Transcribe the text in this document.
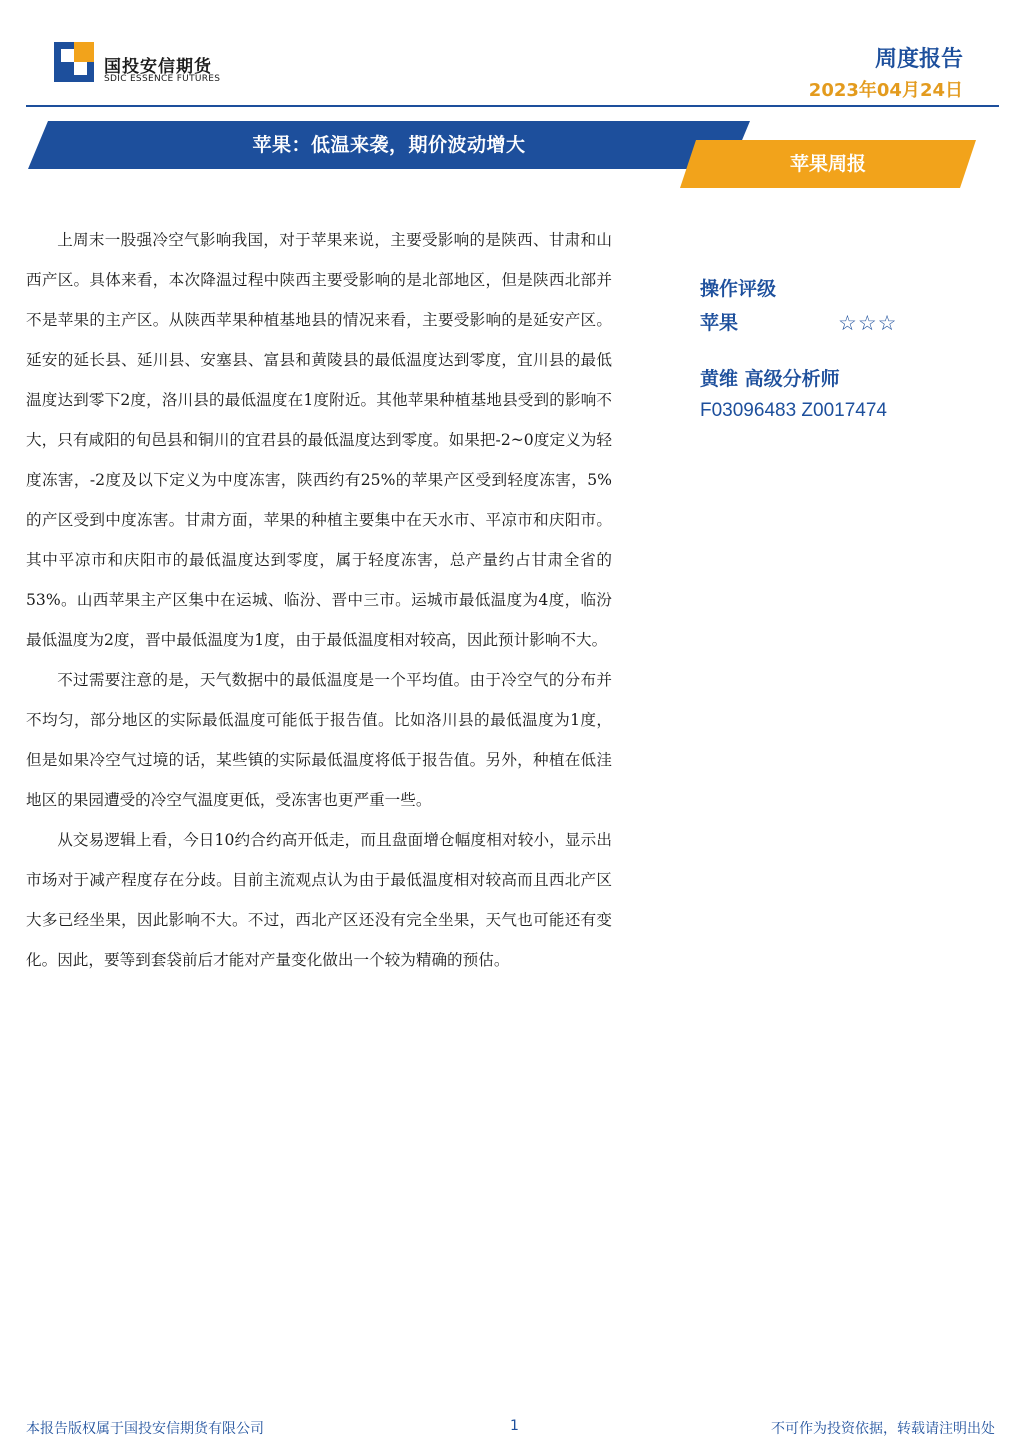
国投安信期货
SDIC ESSENCE FUTURES
周度报告
2023年04月24日
苹果：低温来袭，期价波动增大
苹果周报

上周末一股强冷空气影响我国，对于苹果来说，主要受影响的是陕西、甘肃和山西产区。具体来看，本次降温过程中陕西主要受影响的是北部地区，但是陕西北部并不是苹果的主产区。从陕西苹果种植基地县的情况来看，主要受影响的是延安产区。延安的延长县、延川县、安塞县、富县和黄陵县的最低温度达到零度，宜川县的最低温度达到零下2度，洛川县的最低温度在1度附近。其他苹果种植基地县受到的影响不大，只有咸阳的旬邑县和铜川的宜君县的最低温度达到零度。如果把-2~0度定义为轻度冻害，-2度及以下定义为中度冻害，陕西约有25%的苹果产区受到轻度冻害，5%的产区受到中度冻害。甘肃方面，苹果的种植主要集中在天水市、平凉市和庆阳市。其中平凉市和庆阳市的最低温度达到零度，属于轻度冻害，总产量约占甘肃全省的53%。山西苹果主产区集中在运城、临汾、晋中三市。运城市最低温度为4度，临汾最低温度为2度，晋中最低温度为1度，由于最低温度相对较高，因此预计影响不大。

不过需要注意的是，天气数据中的最低温度是一个平均值。由于冷空气的分布并不均匀，部分地区的实际最低温度可能低于报告值。比如洛川县的最低温度为1度，但是如果冷空气过境的话，某些镇的实际最低温度将低于报告值。另外，种植在低洼地区的果园遭受的冷空气温度更低，受冻害也更严重一些。

从交易逻辑上看，今日10约合约高开低走，而且盘面增仓幅度相对较小，显示出市场对于减产程度存在分歧。目前主流观点认为由于最低温度相对较高而且西北产区大多已经坐果，因此影响不大。不过，西北产区还没有完全坐果，天气也可能还有变化。因此，要等到套袋前后才能对产量变化做出一个较为精确的预估。

操作评级
苹果	☆☆☆
黄维 高级分析师
F03096483 Z0017474
本报告版权属于国投安信期货有限公司	1	不可作为投资依据，转载请注明出处
